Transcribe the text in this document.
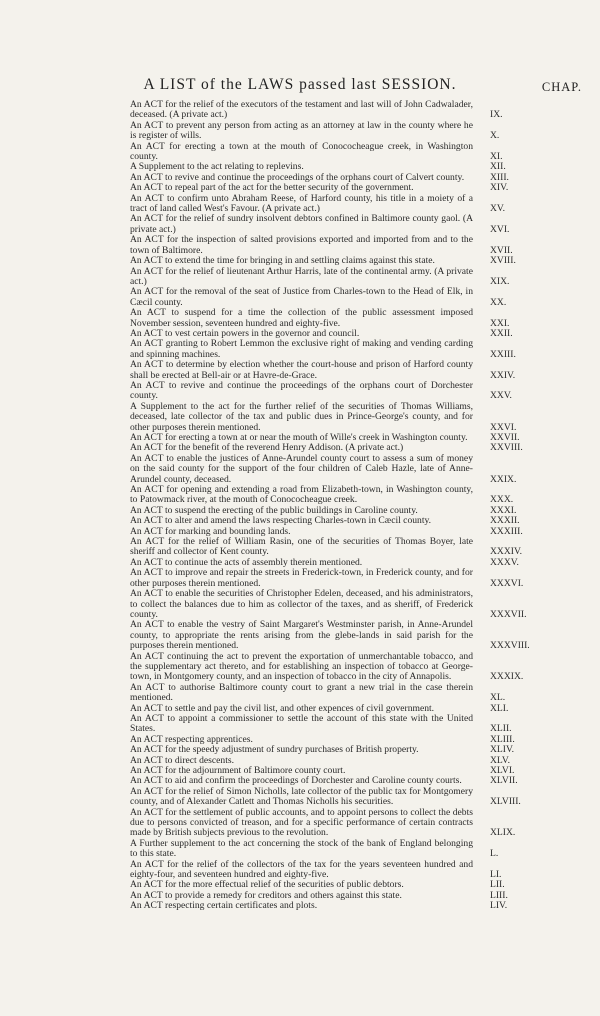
A LIST of the LAWS passed last SESSION.	CHAP.
An ACT for the relief of the executors of the testament and last will of John Cadwalader, deceased. (A private act.)	IX.
An ACT to prevent any person from acting as an attorney at law in the county where he is register of wills.	X.
An ACT for erecting a town at the mouth of Conococheague creek, in Washington county.	XI.
A Supplement to the act relating to replevins.	XII.
An ACT to revive and continue the proceedings of the orphans court of Calvert county.	XIII.
An ACT to repeal part of the act for the better security of the government.	XIV.
An ACT to confirm unto Abraham Reese, of Harford county, his title in a moiety of a tract of land called West's Favour. (A private act.)	XV.
An ACT for the relief of sundry insolvent debtors confined in Baltimore county gaol. (A private act.)	XVI.
An ACT for the inspection of salted provisions exported and imported from and to the town of Baltimore.	XVII.
An ACT to extend the time for bringing in and settling claims against this state.	XVIII.
An ACT for the relief of lieutenant Arthur Harris, late of the continental army. (A private act.)	XIX.
An ACT for the removal of the seat of Justice from Charles-town to the Head of Elk, in Cæcil county.	XX.
An ACT to suspend for a time the collection of the public assessment imposed November session, seventeen hundred and eighty-five.	XXI.
An ACT to vest certain powers in the governor and council.	XXII.
An ACT granting to Robert Lemmon the exclusive right of making and vending carding and spinning machines.	XXIII.
An ACT to determine by election whether the court-house and prison of Harford county shall be erected at Bell-air or at Havre-de-Grace.	XXIV.
An ACT to revive and continue the proceedings of the orphans court of Dorchester county.	XXV.
A Supplement to the act for the further relief of the securities of Thomas Williams, deceased, late collector of the tax and public dues in Prince-George's county, and for other purposes therein mentioned.	XXVI.
An ACT for erecting a town at or near the mouth of Wille's creek in Washington county.	XXVII.
An ACT for the benefit of the reverend Henry Addison. (A private act.)	XXVIII.
An ACT to enable the justices of Anne-Arundel county court to assess a sum of money on the said county for the support of the four children of Caleb Hazle, late of Anne-Arundel county, deceased.	XXIX.
An ACT for opening and extending a road from Elizabeth-town, in Washington county, to Patowmack river, at the mouth of Conococheague creek.	XXX.
An ACT to suspend the erecting of the public buildings in Caroline county.	XXXI.
An ACT to alter and amend the laws respecting Charles-town in Cæcil county.	XXXII.
An ACT for marking and bounding lands.	XXXIII.
An ACT for the relief of William Rasin, one of the securities of Thomas Boyer, late sheriff and collector of Kent county.	XXXIV.
An ACT to continue the acts of assembly therein mentioned.	XXXV.
An ACT to improve and repair the streets in Frederick-town, in Frederick county, and for other purposes therein mentioned.	XXXVI.
An ACT to enable the securities of Christopher Edelen, deceased, and his administrators, to collect the balances due to him as collector of the taxes, and as sheriff, of Frederick county.	XXXVII.
An ACT to enable the vestry of Saint Margaret's Westminster parish, in Anne-Arundel county, to appropriate the rents arising from the glebe-lands in said parish for the purposes therein mentioned.	XXXVIII.
An ACT continuing the act to prevent the exportation of unmerchantable tobacco, and the supplementary act thereto, and for establishing an inspection of tobacco at George-town, in Montgomery county, and an inspection of tobacco in the city of Annapolis.	XXXIX.
An ACT to authorise Baltimore county court to grant a new trial in the case therein mentioned.	XL.
An ACT to settle and pay the civil list, and other expences of civil government.	XLI.
An ACT to appoint a commissioner to settle the account of this state with the United States.	XLII.
An ACT respecting apprentices.	XLIII.
An ACT for the speedy adjustment of sundry purchases of British property.	XLIV.
An ACT to direct descents.	XLV.
An ACT for the adjournment of Baltimore county court.	XLVI.
An ACT to aid and confirm the proceedings of Dorchester and Caroline county courts.	XLVII.
An ACT for the relief of Simon Nicholls, late collector of the public tax for Montgomery county, and of Alexander Catlett and Thomas Nicholls his securities.	XLVIII.
An ACT for the settlement of public accounts, and to appoint persons to collect the debts due to persons convicted of treason, and for a specific performance of certain contracts made by British subjects previous to the revolution.	XLIX.
A Further supplement to the act concerning the stock of the bank of England belonging to this state.	L.
An ACT for the relief of the collectors of the tax for the years seventeen hundred and eighty-four, and seventeen hundred and eighty-five.	LI.
An ACT for the more effectual relief of the securities of public debtors.	LII.
An ACT to provide a remedy for creditors and others against this state.	LIII.
An ACT respecting certain certificates and plots.	LIV.
